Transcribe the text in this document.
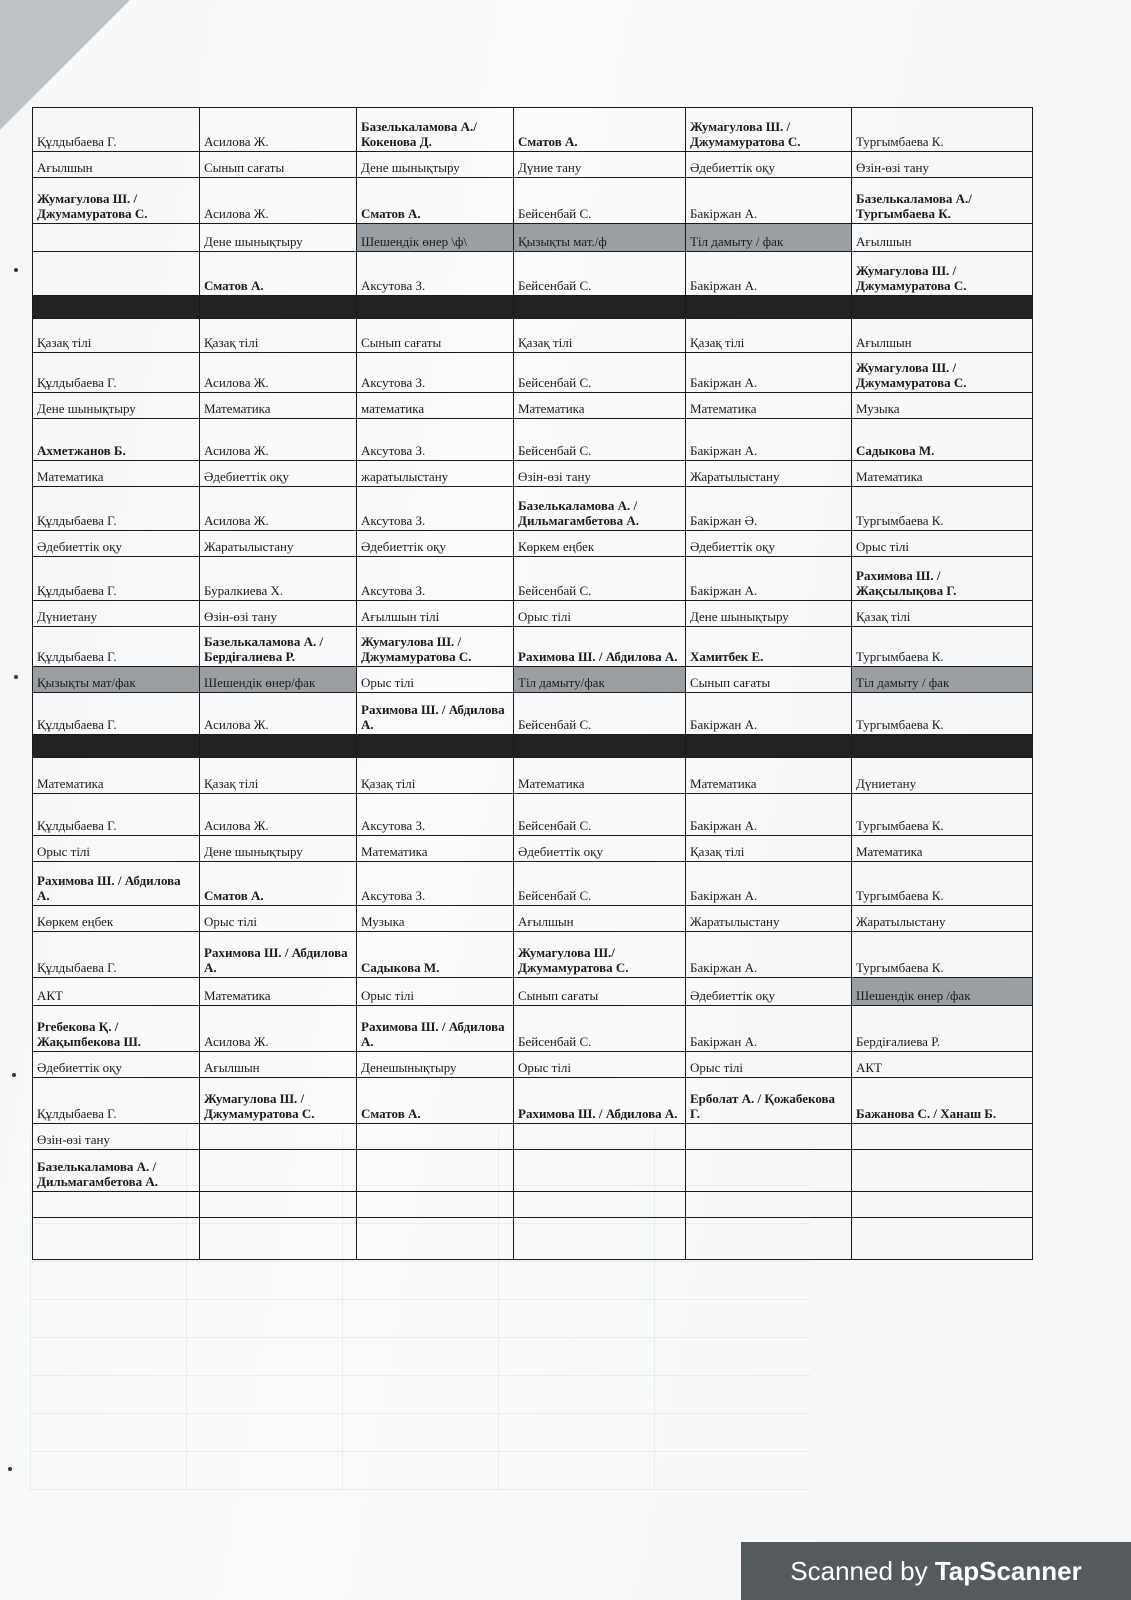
Құлдыбаева Г.	Асилова Ж.	Базелькаламова А./ Кокенова Д.	Сматов А.	Жумагулова Ш. / Джумамуратова С.	Тургымбаева К.
Ағылшын	Сынып сағаты	Дене шынықтыру	Дүние тану	Әдебиеттік оқу	Өзін-өзі тану
Жумагулова Ш. / Джумамуратова С.	Асилова Ж.	Сматов А.	Бейсенбай С.	Бакіржан А.	Базелькаламова А./ Тургымбаева К.
	Дене шынықтыру	Шешендік өнер \ф\	Қызықты мат./ф	Тіл дамыту / фак	Ағылшын
	Сматов А.	Аксутова З.	Бейсенбай С.	Бакіржан А.	Жумагулова Ш. / Джумамуратова С.

Қазақ тілі	Қазақ тілі	Сынып сағаты	Қазақ тілі	Қазақ тілі	Ағылшын
Құлдыбаева Г.	Асилова Ж.	Аксутова З.	Бейсенбай С.	Бакіржан А.	Жумагулова Ш. / Джумамуратова С.
Дене шынықтыру	Математика	математика	Математика	Математика	Музыка
Ахметжанов Б.	Асилова Ж.	Аксутова З.	Бейсенбай С.	Бакіржан А.	Садыкова М.
Математика	Әдебиеттік оқу	жаратылыстану	Өзін-өзі тану	Жаратылыстану	Математика
Құлдыбаева Г.	Асилова Ж.	Аксутова З.	Базелькаламова А. / Дильмагамбетова А.	Бакіржан Ә.	Тургымбаева К.
Әдебиеттік оқу	Жаратылыстану	Әдебиеттік оқу	Көркем еңбек	Әдебиеттік оқу	Орыс тілі
Құлдыбаева Г.	Буралкиева Х.	Аксутова З.	Бейсенбай С.	Бакіржан А.	Рахимова Ш. / Жақсылықова Г.
Дүниетану	Өзін-өзі тану	Ағылшын тілі	Орыс тілі	Дене шынықтыру	Қазақ тілі
Құлдыбаева Г.	Базелькаламова А. / Бердіғалиева Р.	Жумагулова Ш. / Джумамуратова С.	Рахимова Ш. / Абдилова А.	Хамитбек Е.	Тургымбаева К.
Қызықты мат/фак	Шешендік өнер/фак	Орыс тілі	Тіл дамыту/фак	Сынып сағаты	Тіл дамыту / фак
Құлдыбаева Г.	Асилова Ж.	Рахимова Ш. / Абдилова А.	Бейсенбай С.	Бакіржан А.	Тургымбаева К.

Математика	Қазақ тілі	Қазақ тілі	Математика	Математика	Дүниетану
Құлдыбаева Г.	Асилова Ж.	Аксутова З.	Бейсенбай С.	Бакіржан А.	Тургымбаева К.
Орыс тілі	Дене шынықтыру	Математика	Әдебиеттік оқу	Қазақ тілі	Математика
Рахимова Ш. / Абдилова А.	Сматов А.	Аксутова З.	Бейсенбай С.	Бакіржан А.	Тургымбаева К.
Көркем еңбек	Орыс тілі	Музыка	Ағылшын	Жаратылыстану	Жаратылыстану
Құлдыбаева Г.	Рахимова Ш. / Абдилова А.	Садыкова М.	Жумагулова Ш./ Джумамуратова С.	Бакіржан А.	Тургымбаева К.
АКТ	Математика	Орыс тілі	Сынып сағаты	Әдебиеттік оқу	Шешендік өнер /фак
Ргебекова Қ. / Жақыпбекова Ш.	Асилова Ж.	Рахимова Ш. / Абдилова А.	Бейсенбай С.	Бакіржан А.	Бердіғалиева Р.
Әдебиеттік оқу	Ағылшын	Денешынықтыру	Орыс тілі	Орыс тілі	АКТ
Құлдыбаева Г.	Жумагулова Ш. / Джумамуратова С.	Сматов А.	Рахимова Ш. / Абдилова А.	Ерболат А. / Қожабекова Г.	Бажанова С. / Ханаш Б.
Өзін-өзі тану					
Базелькаламова А. / Дильмагамбетова А.					

Scanned by TapScanner
